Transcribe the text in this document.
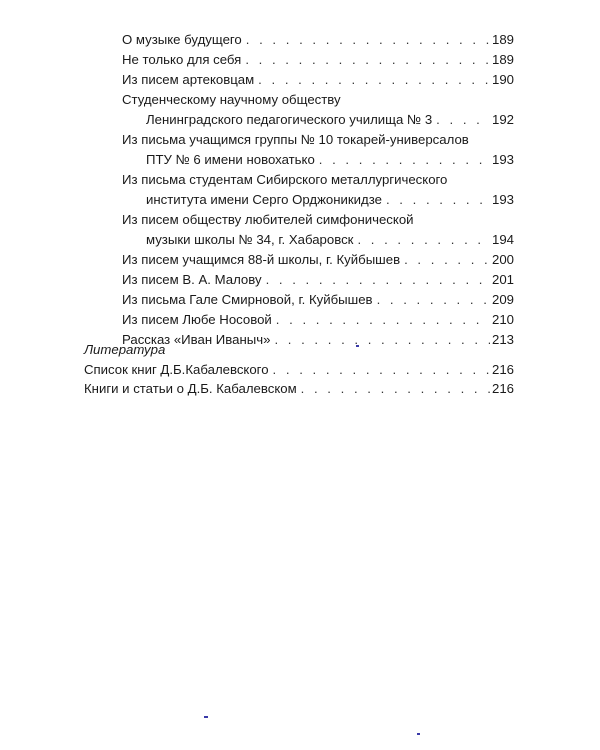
О музыке будущего . . .	189
Не только для себя . . .	189
Из писем артековцам . . .	190
Студенческому научному обществу
Ленинградского педагогического училища № 3 . . .	192
Из письма учащимся группы № 10 токарей-универсалов
ПТУ № 6 имени новохатько . . .	193
Из письма студентам Сибирского металлургического
института имени Серго Орджоникидзе . . .	193
Из писем обществу любителей симфонической
музыки школы № 34, г. Хабаровск . . .	194
Из писем учащимся 88-й школы, г. Куйбышев . . .	200
Из писем В. А. Малову . . .	201
Из письма Гале Смирновой, г. Куйбышев . . .	209
Из писем Любе Носовой . . .	210
Рассказ «Иван Иваныч» . . .	213
Литература
Список книг Д.Б.Кабалевского . . .	216
Книги и статьи о Д.Б. Кабалевском . . .	216
